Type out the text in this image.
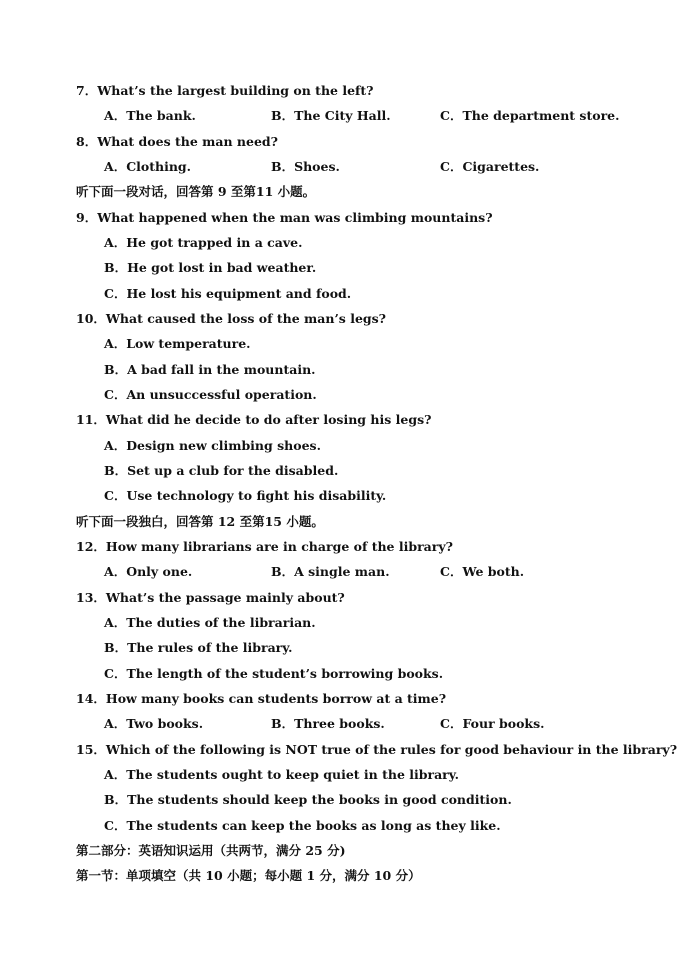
7．What’s the largest building on the left?
A．The bank.	B．The City Hall.	C．The department store.
8．What does the man need?
A．Clothing.	B．Shoes.	C．Cigarettes.
听下面一段对话，回答第 9 至第11 小题。
9．What happened when the man was climbing mountains?
A．He got trapped in a cave.
B．He got lost in bad weather.
C．He lost his equipment and food.
10．What caused the loss of the man’s legs?
A．Low temperature.
B．A bad fall in the mountain.
C．An unsuccessful operation.
11．What did he decide to do after losing his legs?
A．Design new climbing shoes.
B．Set up a club for the disabled.
C．Use technology to fight his disability.
听下面一段独白，回答第 12 至第15 小题。
12．How many librarians are in charge of the library?
A．Only one.	B．A single man.	C．We both.
13．What’s the passage mainly about?
A．The duties of the librarian.
B．The rules of the library.
C．The length of the student’s borrowing books.
14．How many books can students borrow at a time?
A．Two books.	B．Three books.	C．Four books.
15．Which of the following is NOT true of the rules for good behaviour in the library?
A．The students ought to keep quiet in the library.
B．The students should keep the books in good condition.
C．The students can keep the books as long as they like.
第二部分：英语知识运用（共两节，满分 25 分)
第一节：单项填空（共 10 小题；每小题 1 分，满分 10 分）
